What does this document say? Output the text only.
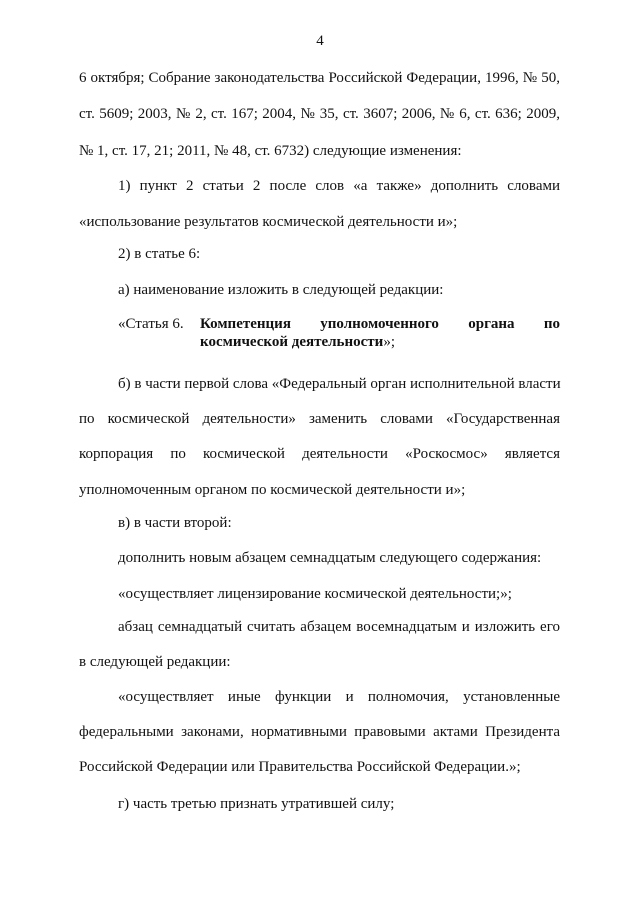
4
6 октября; Собрание законодательства Российской Федерации, 1996, № 50,
ст. 5609; 2003, № 2, ст. 167; 2004, № 35, ст. 3607; 2006, № 6, ст. 636; 2009,
№ 1, ст. 17, 21; 2011, № 48, ст. 6732) следующие изменения:
1) пункт 2 статьи 2 после слов «а также» дополнить словами
«использование результатов космической деятельности и»;
2) в статье 6:
а) наименование изложить в следующей редакции:
«Статья 6. Компетенция уполномоченного органа по
космической деятельности»;
б) в части первой слова «Федеральный орган исполнительной власти
по космической деятельности» заменить словами «Государственная
корпорация по космической деятельности «Роскосмос» является
уполномоченным органом по космической деятельности и»;
в) в части второй:
дополнить новым абзацем семнадцатым следующего содержания:
«осуществляет лицензирование космической деятельности;»;
абзац семнадцатый считать абзацем восемнадцатым и изложить его
в следующей редакции:
«осуществляет иные функции и полномочия, установленные
федеральными законами, нормативными правовыми актами Президента
Российской Федерации или Правительства Российской Федерации.»;
г) часть третью признать утратившей силу;
